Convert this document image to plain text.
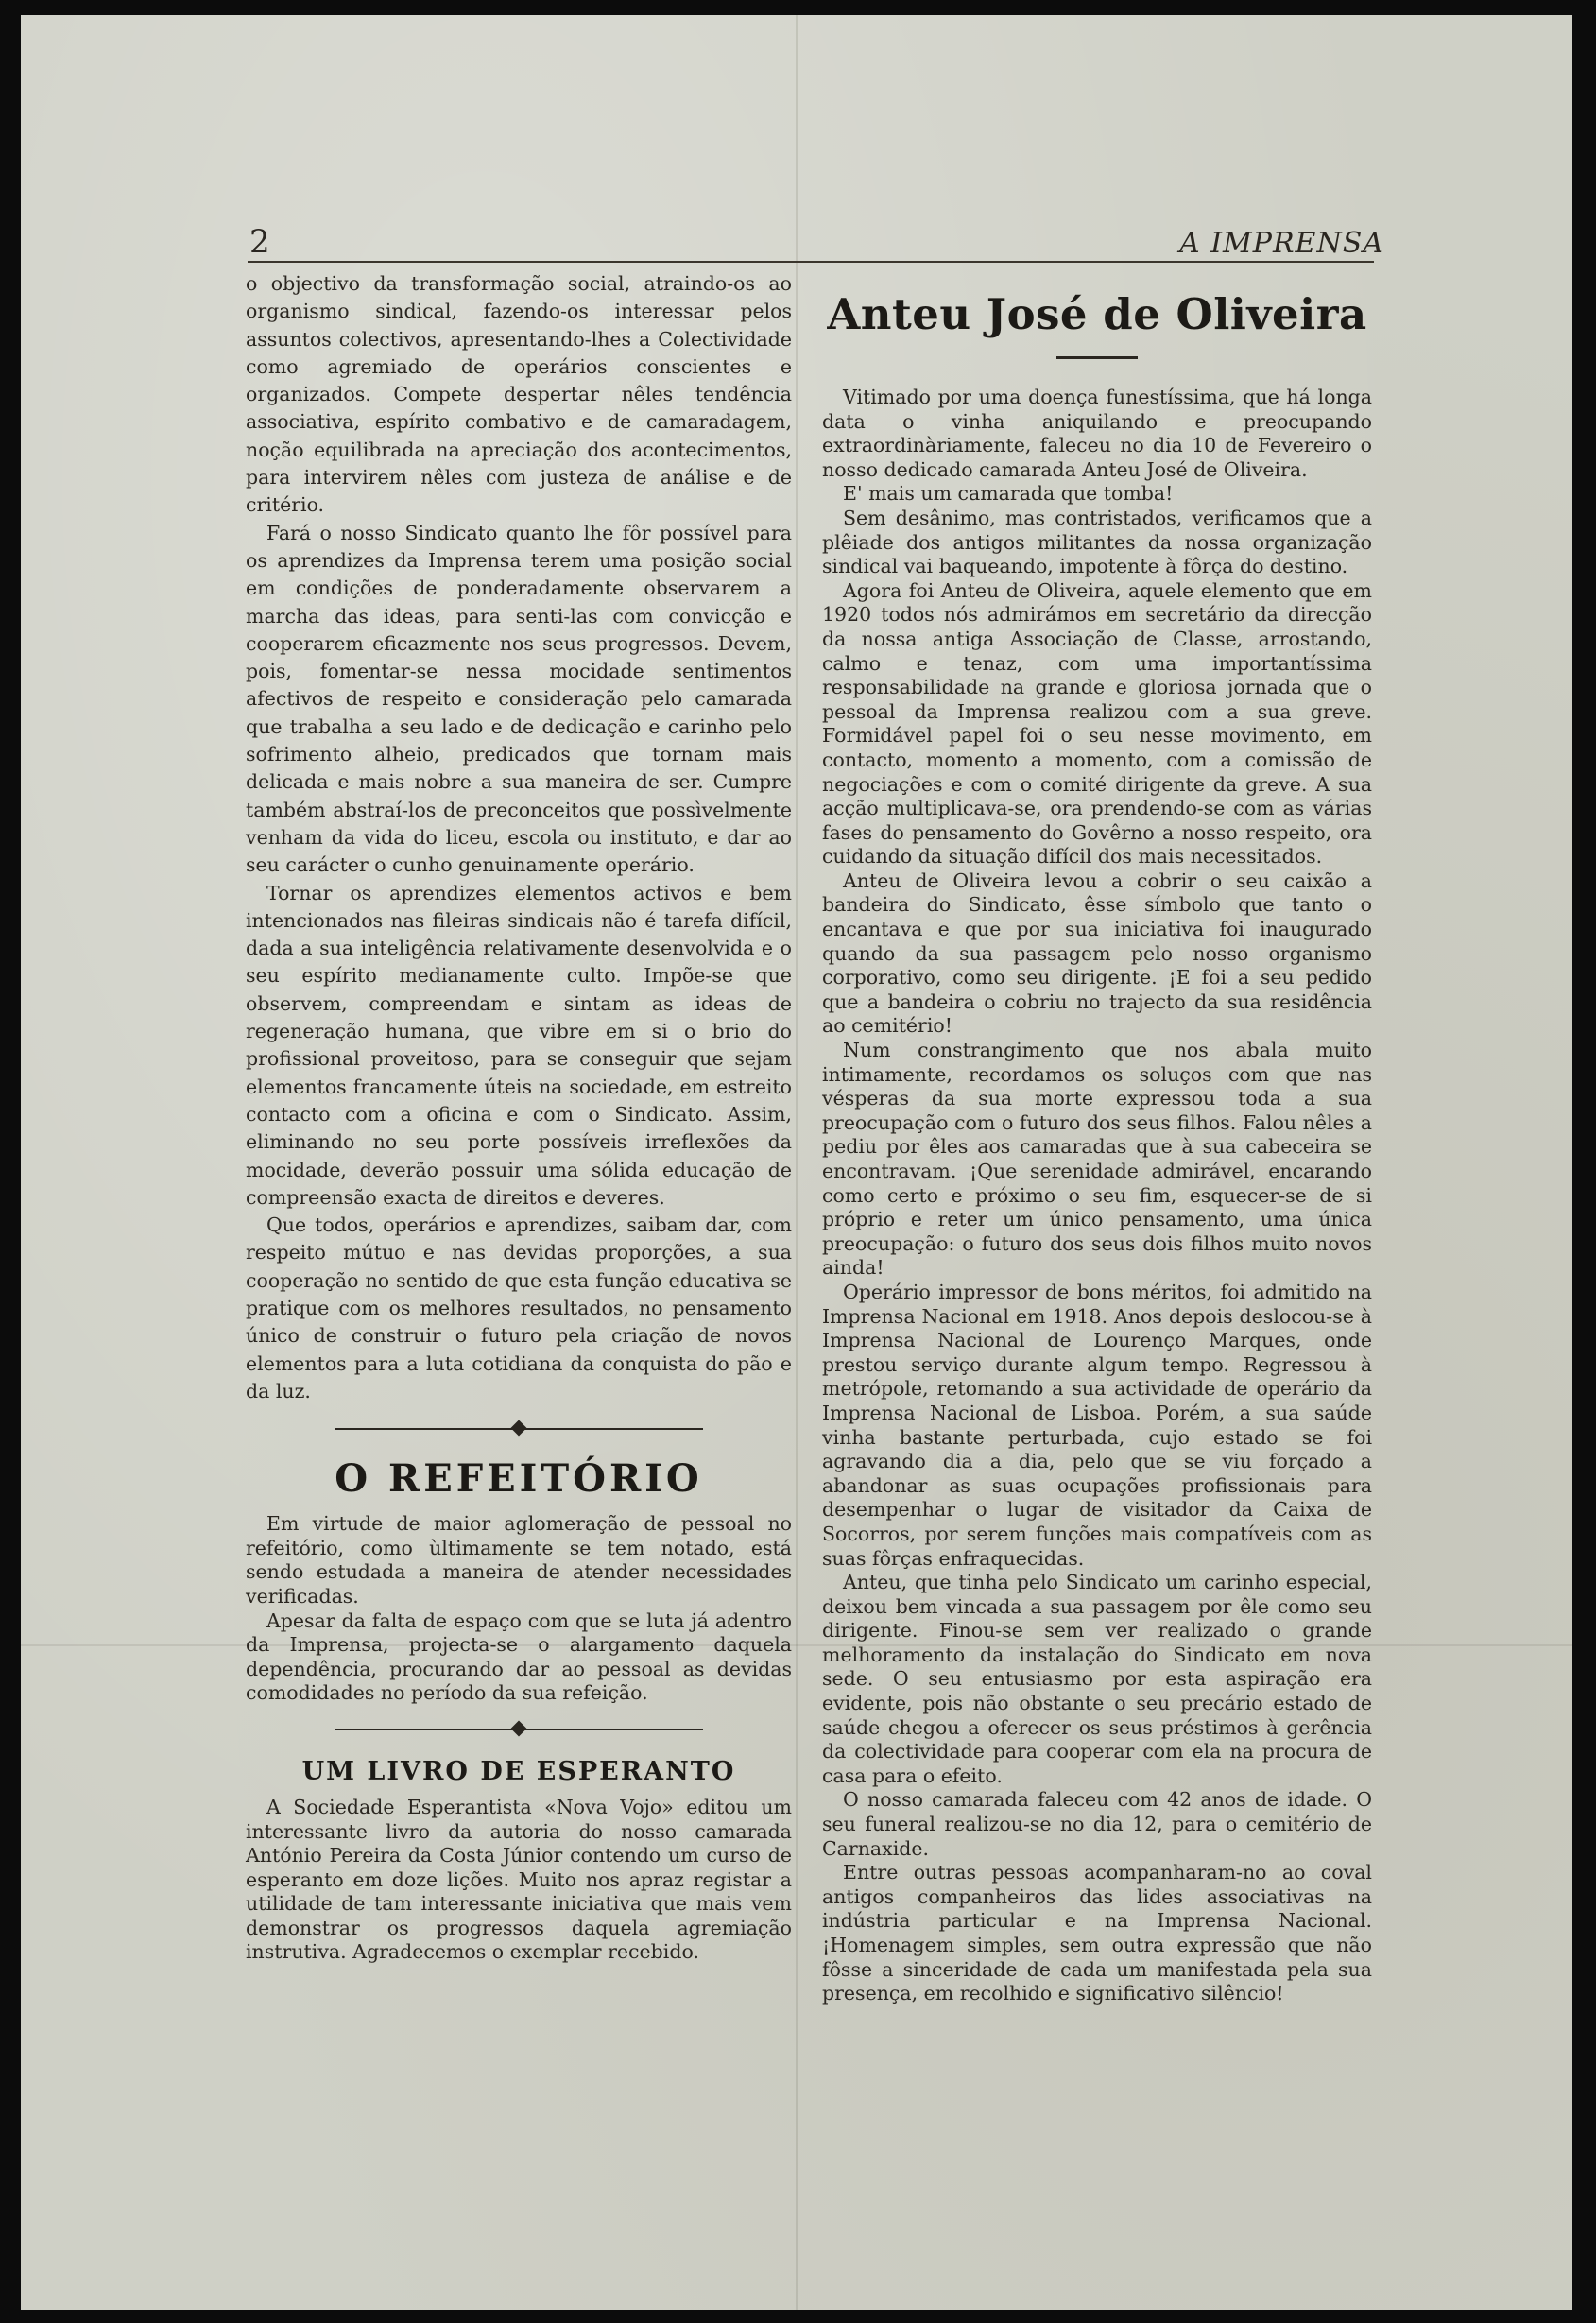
2	A IMPRENSA

o objectivo da transformação social, atraindo-os ao organismo sindical, fazendo-os interessar pelos assuntos colectivos, apresentando-lhes a Colectividade como agremiado de operários conscientes e organizados. Compete despertar nêles tendência associativa, espírito combativo e de camaradagem, noção equilibrada na apreciação dos acontecimentos, para intervirem nêles com justeza de análise e de critério.

Fará o nosso Sindicato quanto lhe fôr possível para os aprendizes da Imprensa terem uma posição social em condições de ponderadamente observarem a marcha das ideas, para senti-las com convicção e cooperarem eficazmente nos seus progressos. Devem, pois, fomentar-se nessa mocidade sentimentos afectivos de respeito e consideração pelo camarada que trabalha a seu lado e de dedicação e carinho pelo sofrimento alheio, predicados que tornam mais delicada e mais nobre a sua maneira de ser. Cumpre também abstraí-los de preconceitos que possìvelmente venham da vida do liceu, escola ou instituto, e dar ao seu carácter o cunho genuinamente operário.

Tornar os aprendizes elementos activos e bem intencionados nas fileiras sindicais não é tarefa difícil, dada a sua inteligência relativamente desenvolvida e o seu espírito medianamente culto. Impõe-se que observem, compreendam e sintam as ideas de regeneração humana, que vibre em si o brio do profissional proveitoso, para se conseguir que sejam elementos francamente úteis na sociedade, em estreito contacto com a oficina e com o Sindicato. Assim, eliminando no seu porte possíveis irreflexões da mocidade, deverão possuir uma sólida educação de compreensão exacta de direitos e deveres.

Que todos, operários e aprendizes, saibam dar, com respeito mútuo e nas devidas proporções, a sua cooperação no sentido de que esta função educativa se pratique com os melhores resultados, no pensamento único de construir o futuro pela criação de novos elementos para a luta cotidiana da conquista do pão e da luz.

O REFEITÓRIO

Em virtude de maior aglomeração de pessoal no refeitório, como ùltimamente se tem notado, está sendo estudada a maneira de atender necessidades verificadas.

Apesar da falta de espaço com que se luta já adentro da Imprensa, projecta-se o alargamento daquela dependência, procurando dar ao pessoal as devidas comodidades no período da sua refeição.

UM LIVRO DE ESPERANTO

A Sociedade Esperantista «Nova Vojo» editou um interessante livro da autoria do nosso camarada António Pereira da Costa Júnior contendo um curso de esperanto em doze lições. Muito nos apraz registar a utilidade de tam interessante iniciativa que mais vem demonstrar os progressos daquela agremiação instrutiva. Agradecemos o exemplar recebido.

Anteu José de Oliveira

Vitimado por uma doença funestíssima, que há longa data o vinha aniquilando e preocupando extraordinàriamente, faleceu no dia 10 de Fevereiro o nosso dedicado camarada Anteu José de Oliveira.

E' mais um camarada que tomba!

Sem desânimo, mas contristados, verificamos que a plêiade dos antigos militantes da nossa organização sindical vai baqueando, impotente à fôrça do destino.

Agora foi Anteu de Oliveira, aquele elemento que em 1920 todos nós admirámos em secretário da direcção da nossa antiga Associação de Classe, arrostando, calmo e tenaz, com uma importantíssima responsabilidade na grande e gloriosa jornada que o pessoal da Imprensa realizou com a sua greve. Formidável papel foi o seu nesse movimento, em contacto, momento a momento, com a comissão de negociações e com o comité dirigente da greve. A sua acção multiplicava-se, ora prendendo-se com as várias fases do pensamento do Govêrno a nosso respeito, ora cuidando da situação difícil dos mais necessitados.

Anteu de Oliveira levou a cobrir o seu caixão a bandeira do Sindicato, êsse símbolo que tanto o encantava e que por sua iniciativa foi inaugurado quando da sua passagem pelo nosso organismo corporativo, como seu dirigente. ¡E foi a seu pedido que a bandeira o cobriu no trajecto da sua residência ao cemitério!

Num constrangimento que nos abala muito intimamente, recordamos os soluços com que nas vésperas da sua morte expressou toda a sua preocupação com o futuro dos seus filhos. Falou nêles a pediu por êles aos camaradas que à sua cabeceira se encontravam. ¡Que serenidade admirável, encarando como certo e próximo o seu fim, esquecer-se de si próprio e reter um único pensamento, uma única preocupação: o futuro dos seus dois filhos muito novos ainda!

Operário impressor de bons méritos, foi admitido na Imprensa Nacional em 1918. Anos depois deslocou-se à Imprensa Nacional de Lourenço Marques, onde prestou serviço durante algum tempo. Regressou à metrópole, retomando a sua actividade de operário da Imprensa Nacional de Lisboa. Porém, a sua saúde vinha bastante perturbada, cujo estado se foi agravando dia a dia, pelo que se viu forçado a abandonar as suas ocupações profissionais para desempenhar o lugar de visitador da Caixa de Socorros, por serem funções mais compatíveis com as suas fôrças enfraquecidas.

Anteu, que tinha pelo Sindicato um carinho especial, deixou bem vincada a sua passagem por êle como seu dirigente. Finou-se sem ver realizado o grande melhoramento da instalação do Sindicato em nova sede. O seu entusiasmo por esta aspiração era evidente, pois não obstante o seu precário estado de saúde chegou a oferecer os seus préstimos à gerência da colectividade para cooperar com ela na procura de casa para o efeito.

O nosso camarada faleceu com 42 anos de idade. O seu funeral realizou-se no dia 12, para o cemitério de Carnaxide.

Entre outras pessoas acompanharam-no ao coval antigos companheiros das lides associativas na indústria particular e na Imprensa Nacional. ¡Homenagem simples, sem outra expressão que não fôsse a sinceridade de cada um manifestada pela sua presença, em recolhido e significativo silêncio!
